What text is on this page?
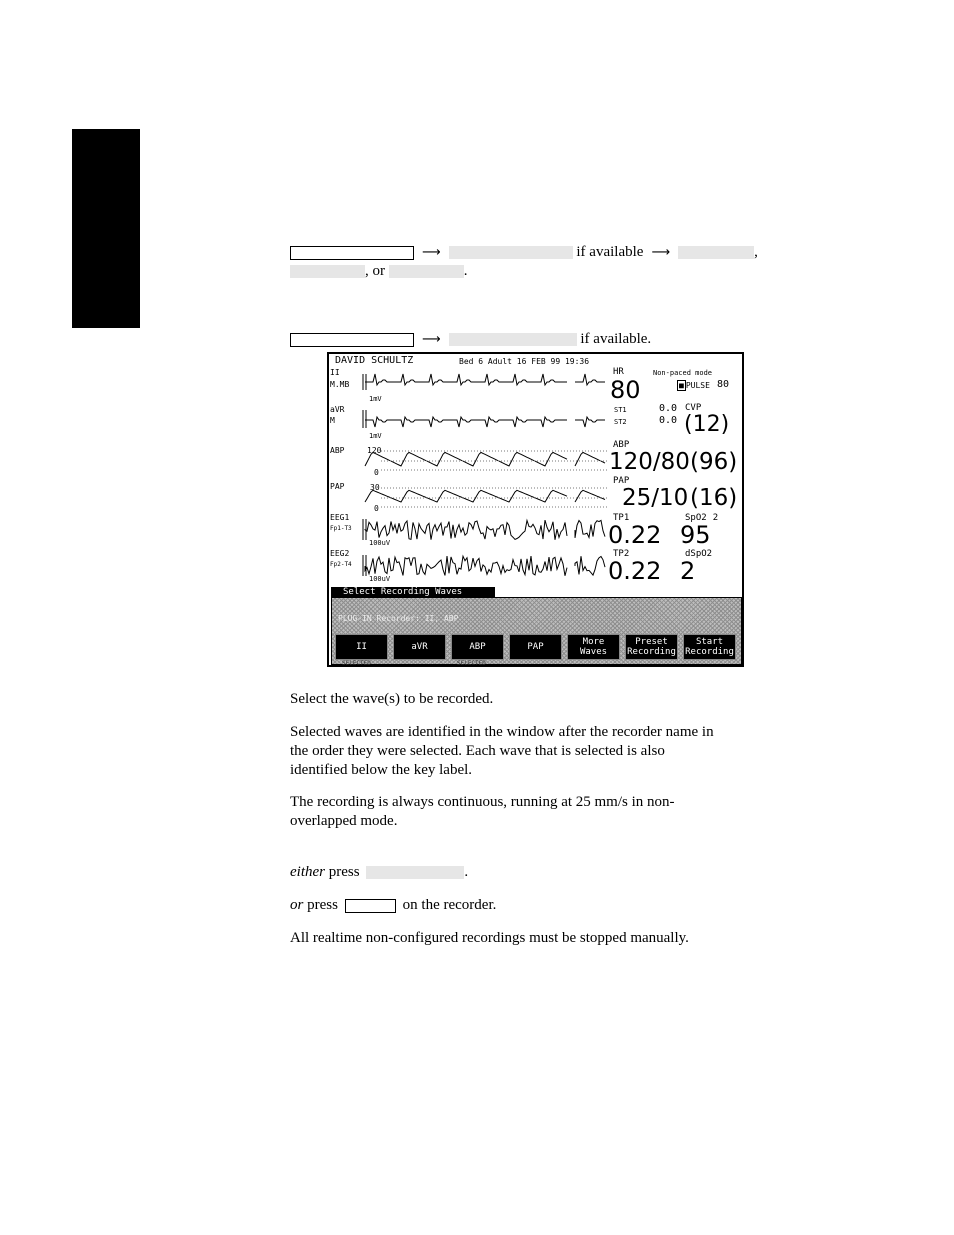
⟶	if available ⟶	,
, or	.
⟶	if available.
DAVID SCHULTZ	Bed 6 Adult 16 FEB 99 19:36
II
M.MB
1mV
aVR
M
1mV
ABP	120
0
PAP	30
0
EEG1
Fp1-T3
100uV
EEG2
Fp2-T4
100uV
HR
80
Non-paced mode
■ PULSE 80
ST1
ST2
0.0
0.0
CVP
(12)
ABP
120/80 (96)
PAP
25/10 (16)
TP1
0.22
SpO2 2
95
TP2
0.22
dSpO2
2
Select Recording Waves
PLUG-IN Recorder: II, ABP
II	aVR	ABP	PAP	More Waves
Preset Recording
Start Recording
SELECTED	SELECTED
Select the wave(s) to be recorded.
Selected waves are identified in the window after the recorder name in
the order they were selected. Each wave that is selected is also
identified below the key label.
The recording is always continuous, running at 25 mm/s in non-
overlapped mode.
either press	.
or press	on the recorder.
All realtime non-configured recordings must be stopped manually.
